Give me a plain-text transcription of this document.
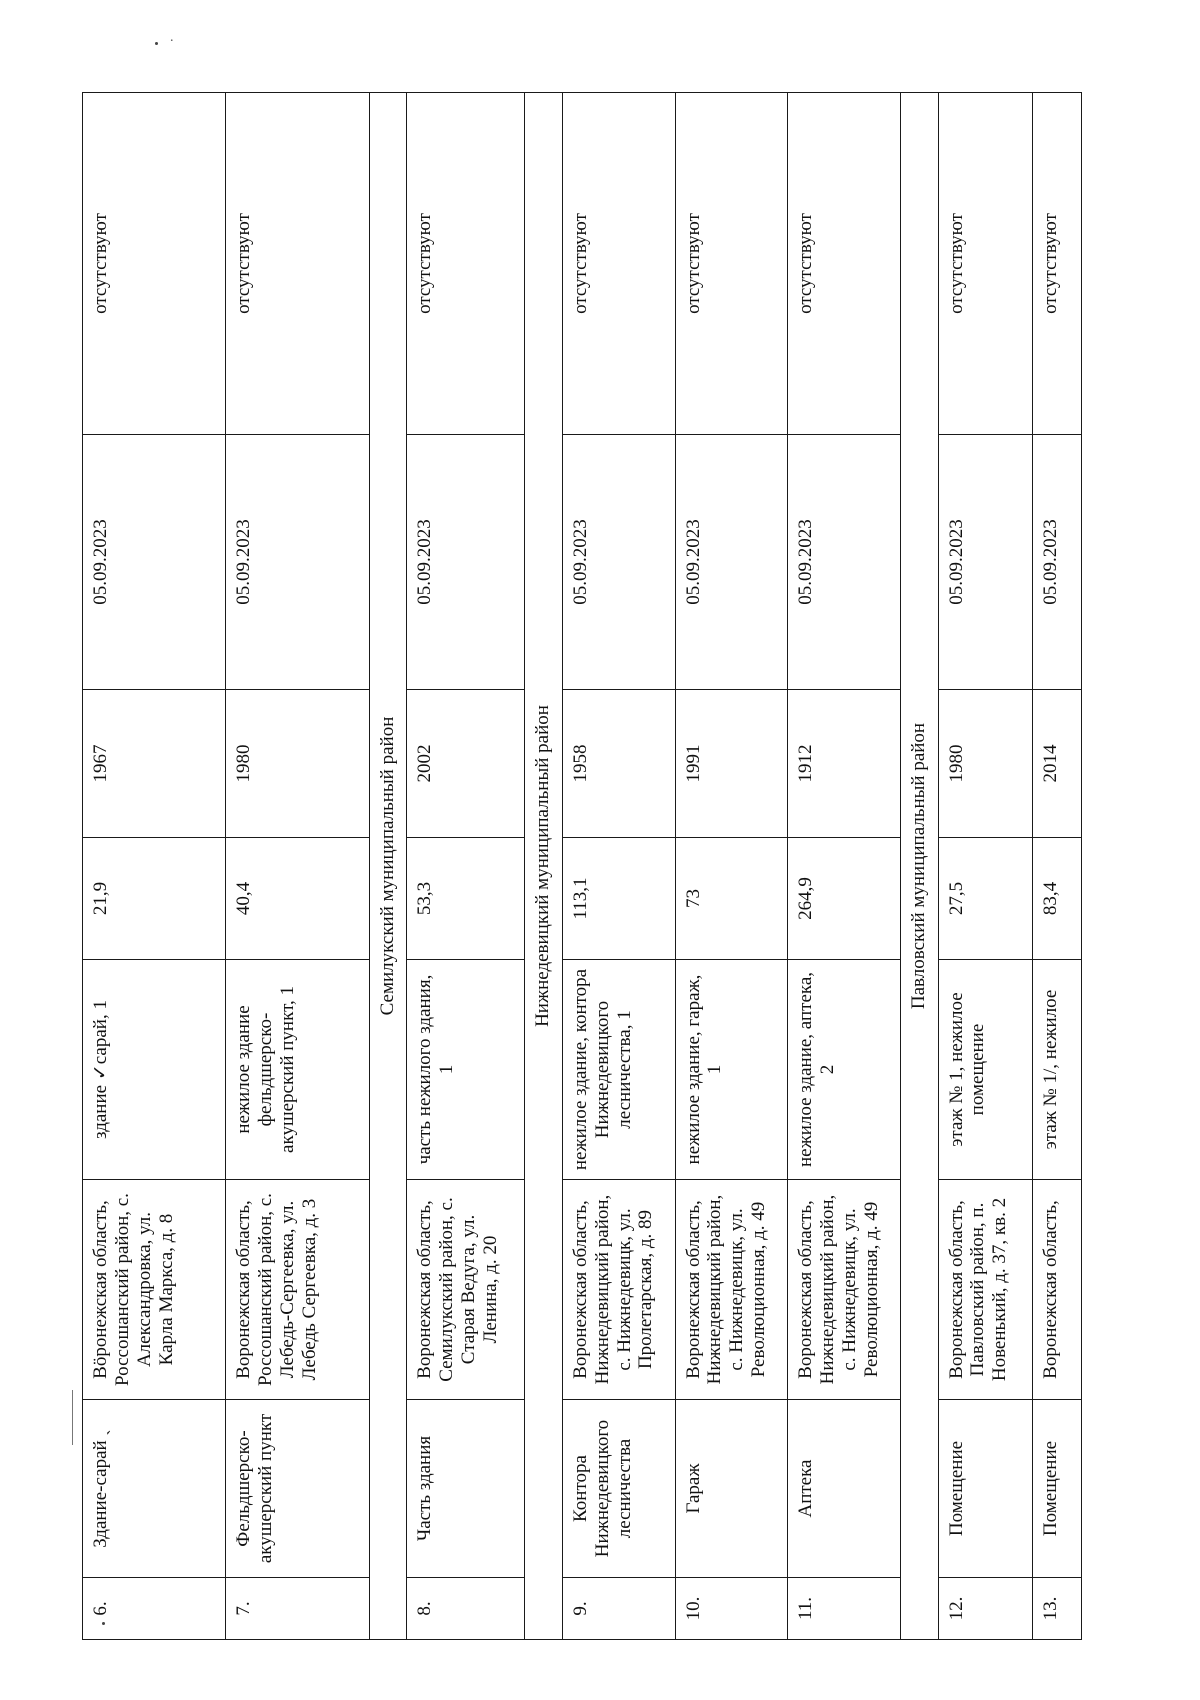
6.	Здание-сарай ˎ	Вöронежская область, Россошанский район, с. Александровка, ул. Карла Маркса, д. 8	здание ✓сарай, 1	21,9	1967	05.09.2023	отсутствуют
7.	Фельдшерско-акушерский пункт	Воронежская область, Россошанский район, с. Лебедь-Сергеевка, ул. Лебедь Сергеевка, д. 3	нежилое здание фельдшерско-акушерский пункт, 1	40,4	1980	05.09.2023	отсутствуют
Семилукский муниципальный район							
8.	Часть здания	Воронежская область, Семилукский район, с. Старая Ведуга, ул. Ленина, д. 20	часть нежилого здания, 1	53,3	2002	05.09.2023	отсутствуют
Нижнедевицкий муниципальный район							
9.	Контора Нижнедевицкого лесничества	Воронежская область, Нижнедевицкий район, с. Нижнедевицк, ул. Пролетарская, д. 89	нежилое здание, контора Нижнедевицкого лесничества, 1	113,1	1958	05.09.2023	отсутствуют
10.	Гараж	Воронежская область, Нижнедевицкий район, с. Нижнедевицк, ул. Революционная, д. 49	нежилое здание, гараж, 1	73	1991	05.09.2023	отсутствуют
11.	Аптека	Воронежская область, Нижнедевицкий район, с. Нижнедевицк, ул. Революционная, д. 49	нежилое здание, аптека, 2	264,9	1912	05.09.2023	отсутствуют
Павловский муниципальный район							
12.	Помещение	Воронежская область, Павловский район, п. Новенький, д. 37, кв. 2	этаж № 1, нежилое помещение	27,5	1980	05.09.2023	отсутствуют
13.	Помещение	Воронежская область,	этаж № 1/, нежилое	83,4	2014	05.09.2023	отсутствуют
.
